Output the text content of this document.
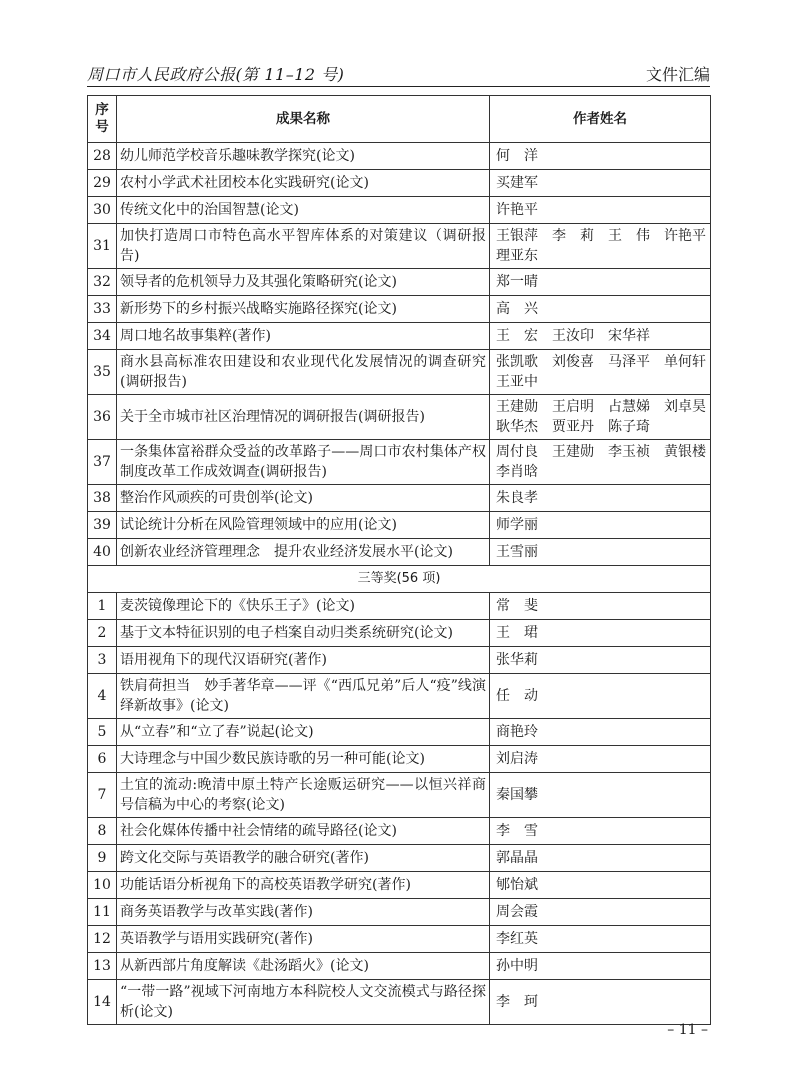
周口市人民政府公报(第 11–12 号)	文件汇编
序号	成果名称	作者姓名
28	幼儿师范学校音乐趣味教学探究(论文)	何　洋
29	农村小学武术社团校本化实践研究(论文)	买建军
30	传统文化中的治国智慧(论文)	许艳平
31	加快打造周口市特色高水平智库体系的对策建议（调研报告)	王银萍　李　莉　王　伟　许艳平　理亚东
32	领导者的危机领导力及其强化策略研究(论文)	郑一晴
33	新形势下的乡村振兴战略实施路径探究(论文)	高　兴
34	周口地名故事集粹(著作)	王　宏　王汝印　宋华祥
35	商水县高标准农田建设和农业现代化发展情况的调查研究(调研报告)	张凯歌　刘俊喜　马泽平　单何轩　王亚中
36	关于全市城市社区治理情况的调研报告(调研报告)	王建勋　王启明　占慧娣　刘卓昊　耿华杰　贾亚丹　陈子琦
37	一条集体富裕群众受益的改革路子——周口市农村集体产权制度改革工作成效调查(调研报告)	周付良　王建勋　李玉祯　黄银楼　李肖晗
38	整治作风顽疾的可贵创举(论文)	朱良孝
39	试论统计分析在风险管理领域中的应用(论文)	师学丽
40	创新农业经济管理理念　提升农业经济发展水平(论文)	王雪丽
三等奖(56 项)		
1	麦茨镜像理论下的《快乐王子》(论文)	常　斐
2	基于文本特征识别的电子档案自动归类系统研究(论文)	王　珺
3	语用视角下的现代汉语研究(著作)	张华莉
4	铁肩荷担当　妙手著华章——评《“西瓜兄弟”后人“疫”线演绎新故事》(论文)	任　动
5	从“立春”和“立了春”说起(论文)	商艳玲
6	大诗理念与中国少数民族诗歌的另一种可能(论文)	刘启涛
7	土宜的流动:晚清中原土特产长途贩运研究——以恒兴祥商号信稿为中心的考察(论文)	秦国攀
8	社会化媒体传播中社会情绪的疏导路径(论文)	李　雪
9	跨文化交际与英语教学的融合研究(著作)	郭晶晶
10	功能话语分析视角下的高校英语教学研究(著作)	郇怡斌
11	商务英语教学与改革实践(著作)	周会霞
12	英语教学与语用实践研究(著作)	李红英
13	从新西部片角度解读《赴汤蹈火》(论文)	孙中明
14	“一带一路”视域下河南地方本科院校人文交流模式与路径探析(论文)	李　珂
– 11 –
